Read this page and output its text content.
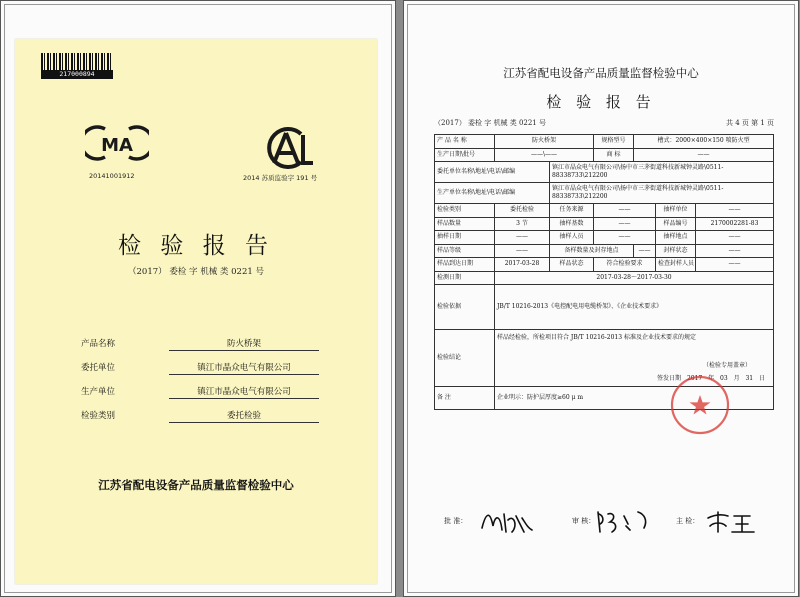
217000894
MA
20141001912	2014 苏质监验字 191 号
检 验 报 告
（2017） 委检 字 机械 类 0221 号
产品名称	防火桥架
委托单位	镇江市晶众电气有限公司
生产单位	镇江市晶众电气有限公司
检验类别	委托检验
江苏省配电设备产品质量监督检验中心
江苏省配电设备产品质量监督检验中心
检 验 报 告
（2017） 委检 字 机械 类 0221 号	共 4 页 第 1 页
产 品 名 称	防火桥架		规格型号	槽式：2000×400×150 喷防火型		
生产日期\批号	——\——		商 标	——		
委托单位名称\地址\电话\邮编		镇江市晶众电气有限公司\扬中市三茅街道科技新城钟灵路\0511-88338733\212200				
生产单位名称\地址\电话\邮编		镇江市晶众电气有限公司\扬中市三茅街道科技新城钟灵路\0511-88338733\212200				
检验类别	委托检验	任务来源	——		抽样单位	——
样品数量	3 节	抽样基数	——		样品编号	2170002281-83
抽样日期	——	抽样人员	——		抽样地点	——
样品等级	——	备样数量及封存地点		——	封样状态	——
样品到达日期	2017-03-28	样品状态	符合检验要求		检查封样人员	——
检测日期	2017-03-28～2017-03-30					
检验依据	JB/T 10216-2013《电控配电用电缆桥架》、《企业技术要求》					
检验结论	样品经检验，所检项目符合 JB/T 10216-2013 标准及企业技术要求的规定
（检验专用盖章）
签发日期 2017 年 03 月 31 日					

备 注	企业明示：防护层厚度≥60 μ m					
批 准：	审 核：	主 检：
